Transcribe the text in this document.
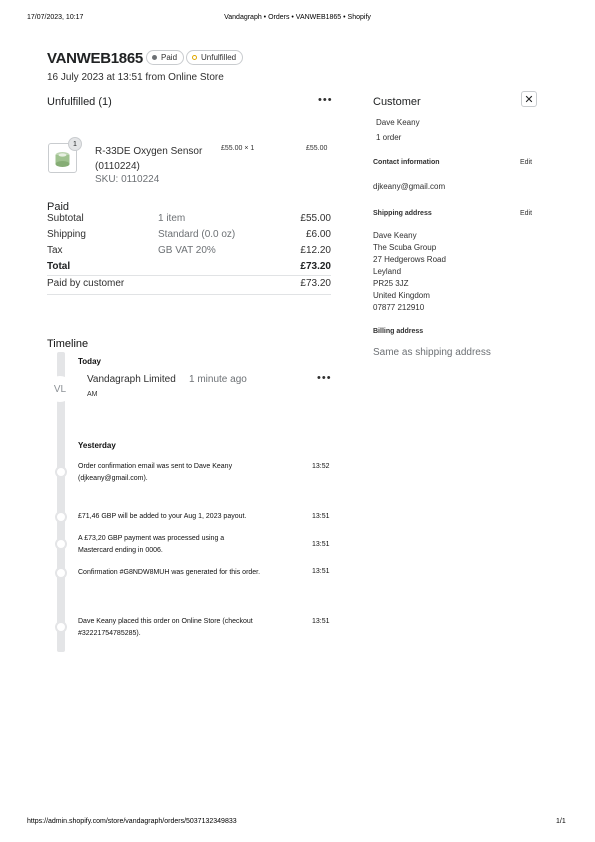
17/07/2023, 10:17	Vandagraph • Orders • VANWEB1865 • Shopify
VANWEB1865 Paid	Unfulfilled
16 July 2023 at 13:51 from Online Store
Unfulfilled (1)	•••
1
R-33DE Oxygen Sensor
(0110224)
SKU: 0110224
£55.00 × 1	£55.00
Paid
Subtotal	1 item	£55.00
Shipping	Standard (0.0 oz)	£6.00
Tax	GB VAT 20%	£12.20
Total	£73.20
Paid by customer	£73.20
Timeline
Today
VL
Vandagraph Limited 1 minute ago
AM
•••
Yesterday
Order confirmation email was sent to Dave Keany
(djkeany@gmail.com).
13:52
£71,46 GBP will be added to your Aug 1, 2023 payout.	13:51
A £73,20 GBP payment was processed using a
Mastercard ending in 0006.
13:51
Confirmation #G8NDW8MUH was generated for this order.	13:51
Dave Keany placed this order on Online Store (checkout
#32221754785285).
13:51
Customer	✕
Dave Keany
1 order
Contact information	Edit
djkeany@gmail.com
Shipping address	Edit
Dave Keany
The Scuba Group
27 Hedgerows Road
Leyland
PR25 3JZ
United Kingdom
07877 212910
Billing address
Same as shipping address
https://admin.shopify.com/store/vandagraph/orders/5037132349833	1/1
